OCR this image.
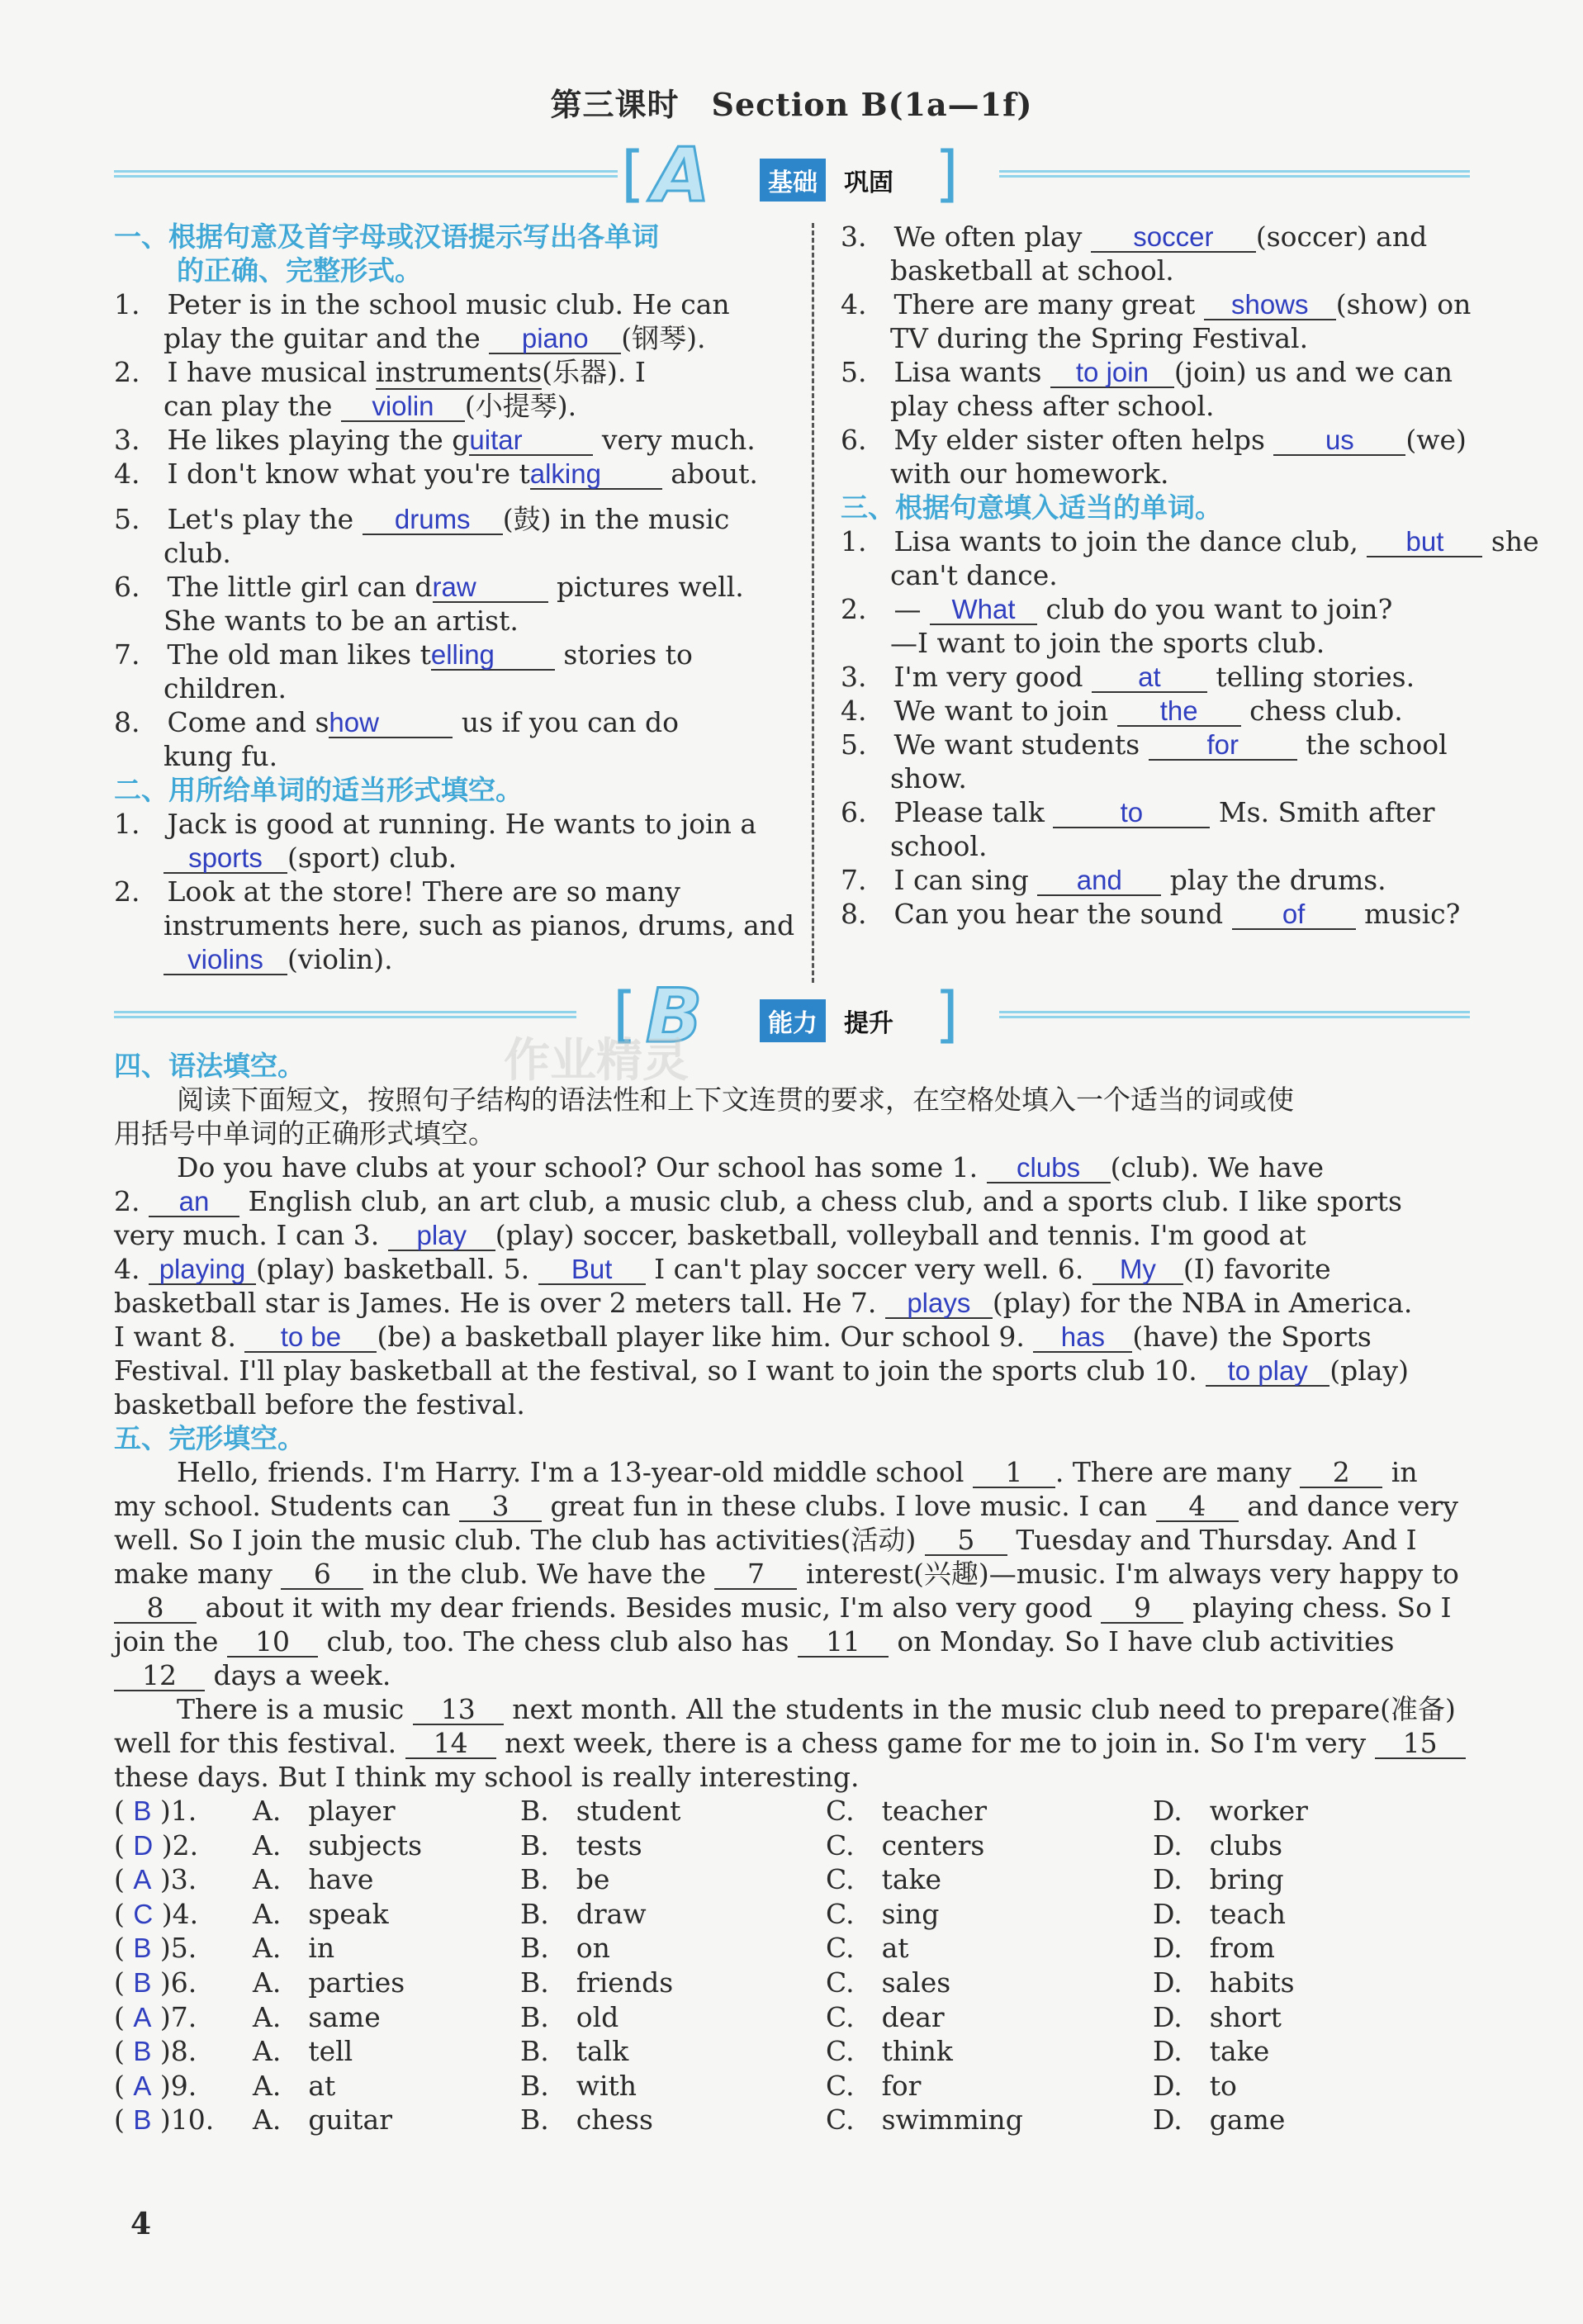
第三课时　Section B(1a—1f)
[ A	基础	巩固 ]
一、根据句意及首字母或汉语提示写出各单词
的正确、完整形式。
1.　Peter is in the school music club. He can
play the guitar and the piano (钢琴).
2.　I have musical instruments(乐器). I
can play the violin (小提琴).
3.　He likes playing the guitar	very much.
4.　I don't know what you're talking about.
5.　Let's play the drums (鼓) in the music
club.
6.　The little girl can draw	pictures well.
She wants to be an artist.
7.　The old man likes telling stories to
children.
8.　Come and show	us if you can do
kung fu.
二、用所给单词的适当形式填空。
1.　Jack is good at running. He wants to join a
sports (sport) club.
2.　Look at the store! There are so many
instruments here, such as pianos, drums, and
violins (violin).
3.　We often play soccer (soccer) and
basketball at school.
4.　There are many great shows (show) on
TV during the Spring Festival.
5.　Lisa wants to join (join) us and we can
play chess after school.
6.　My elder sister often helps us (we)
with our homework.
三、根据句意填入适当的单词。
1.　Lisa wants to join the dance club, but she
can't dance.
2.　— What club do you want to join?
—I want to join the sports club.
3.　I'm very good at telling stories.
4.　We want to join the chess club.
5.　We want students for the school
show.
6.　Please talk to Ms. Smith after
school.
7.　I can sing and play the drums.
8.　Can you hear the sound of music?
[ B	能力	提升 ]
作业精灵
四、语法填空。
阅读下面短文，按照句子结构的语法性和上下文连贯的要求，在空格处填入一个适当的词或使
用括号中单词的正确形式填空。
Do you have clubs at your school? Our school has some 1. clubs (club). We have
2. an English club, an art club, a music club, a chess club, and a sports club. I like sports
very much. I can 3. play (play) soccer, basketball, volleyball and tennis. I'm good at
4. playing (play) basketball. 5. But I can't play soccer very well. 6. My (I) favorite
basketball star is James. He is over 2 meters tall. He 7. plays (play) for the NBA in America.
I want 8. to be (be) a basketball player like him. Our school 9. has (have) the Sports
Festival. I'll play basketball at the festival, so I want to join the sports club 10. to play (play)
basketball before the festival.
五、完形填空。
Hello, friends. I'm Harry. I'm a 13-year-old middle school 1 . There are many 2 in
my school. Students can 3 great fun in these clubs. I love music. I can 4 and dance very
well. So I join the music club. The club has activities(活动) 5 Tuesday and Thursday. And I
make many 6 in the club. We have the 7 interest(兴趣)—music. I'm always very happy to
8 about it with my dear friends. Besides music, I'm also very good 9 playing chess. So I
join the 10 club, too. The chess club also has 11 on Monday. So I have club activities
12 days a week.
There is a music 13 next month. All the students in the music club need to prepare(准备)
well for this festival. 14 next week, there is a chess game for me to join in. So I'm very 15
these days. But I think my school is really interesting.
( B )1. A.　player	B.　student	C.　teacher	D.　worker
( D )2. A.　subjects	B.　tests	C.　centers	D.　clubs
( A )3. A.　have	B.　be	C.　take	D.　bring
( C )4. A.　speak	B.　draw	C.　sing	D.　teach
( B )5. A.　in	B.　on	C.　at	D.　from
( B )6. A.　parties	B.　friends	C.　sales	D.　habits
( A )7. A.　same	B.　old	C.　dear	D.　short
( B )8. A.　tell	B.　talk	C.　think	D.　take
( A )9. A.　at	B.　with	C.　for	D.　to
( B )10. A.　guitar	B.　chess	C.　swimming	D.　game
4
